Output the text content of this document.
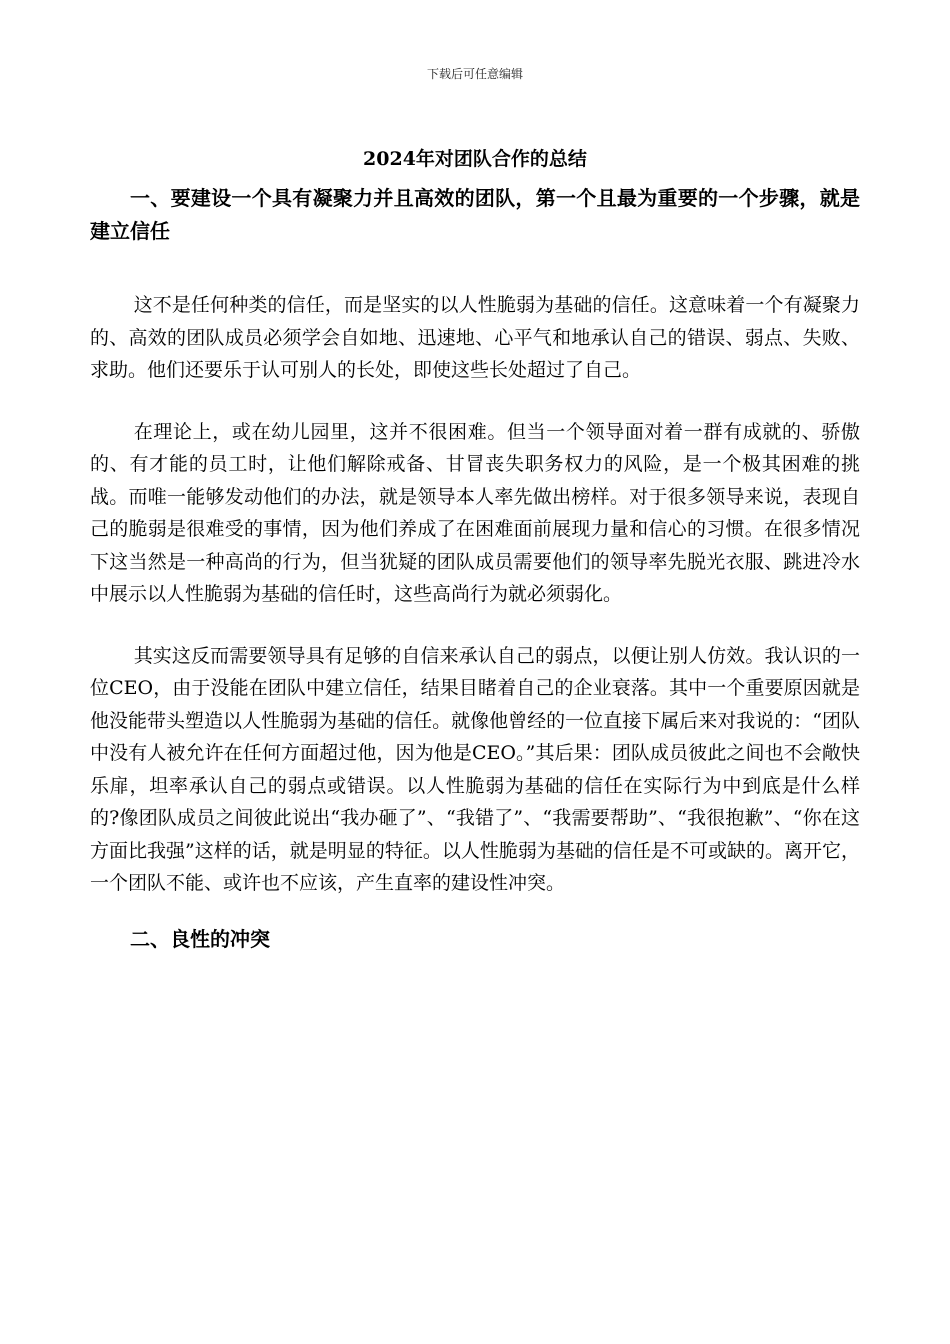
下载后可任意编辑
2024年对团队合作的总结

一、要建设一个具有凝聚力并且高效的团队，第一个且最为重要的一个步骤，就是建立信任

这不是任何种类的信任，而是坚实的以人性脆弱为基础的信任。这意味着一个有凝聚力的、高效的团队成员必须学会自如地、迅速地、心平气和地承认自己的错误、弱点、失败、求助。他们还要乐于认可别人的长处，即使这些长处超过了自己。

在理论上，或在幼儿园里，这并不很困难。但当一个领导面对着一群有成就的、骄傲的、有才能的员工时，让他们解除戒备、甘冒丧失职务权力的风险，是一个极其困难的挑战。而唯一能够发动他们的办法，就是领导本人率先做出榜样。对于很多领导来说，表现自己的脆弱是很难受的事情，因为他们养成了在困难面前展现力量和信心的习惯。在很多情况下这当然是一种高尚的行为，但当犹疑的团队成员需要他们的领导率先脱光衣服、跳进冷水中展示以人性脆弱为基础的信任时，这些高尚行为就必须弱化。

其实这反而需要领导具有足够的自信来承认自己的弱点，以便让别人仿效。我认识的一位CEO，由于没能在团队中建立信任，结果目睹着自己的企业衰落。其中一个重要原因就是他没能带头塑造以人性脆弱为基础的信任。就像他曾经的一位直接下属后来对我说的：“团队中没有人被允许在任何方面超过他，因为他是CEO。”其后果：团队成员彼此之间也不会敞快乐扉，坦率承认自己的弱点或错误。以人性脆弱为基础的信任在实际行为中到底是什么样的?像团队成员之间彼此说出“我办砸了”、“我错了”、“我需要帮助”、“我很抱歉”、“你在这方面比我强”这样的话，就是明显的特征。以人性脆弱为基础的信任是不可或缺的。离开它，一个团队不能、或许也不应该，产生直率的建设性冲突。

二、良性的冲突
